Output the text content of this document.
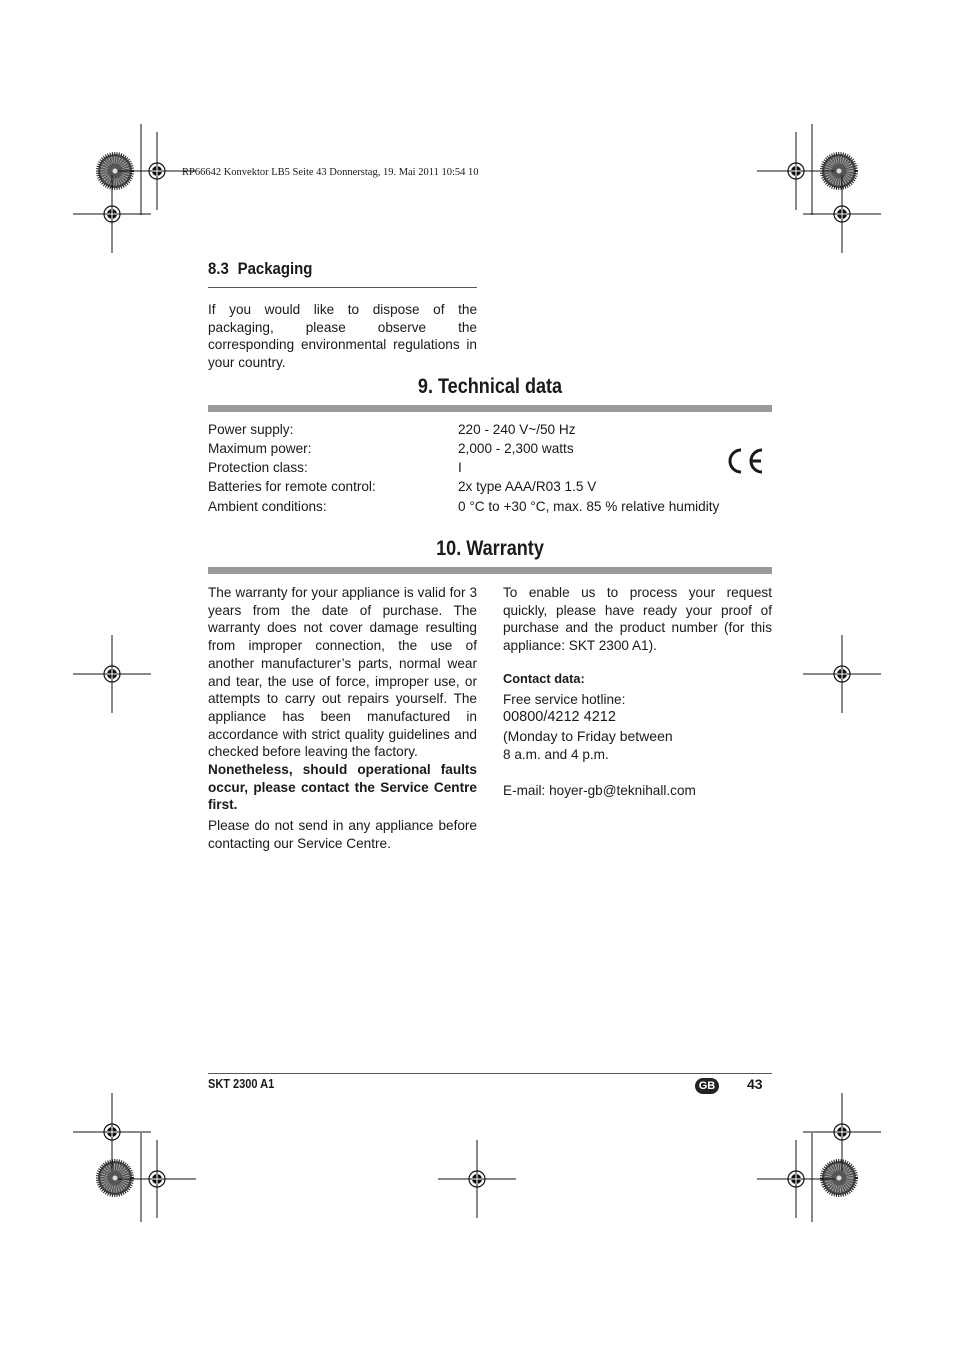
RP66642 Konvektor LB5 Seite 43 Donnerstag, 19. Mai 2011 10:54 10
8.3 Packaging
If you would like to dispose of the packaging, please observe the corresponding environmental regulations in your country.
9. Technical data
Power supply:	220 - 240 V~/50 Hz
Maximum power:	2,000 - 2,300 watts
Protection class:	I
Batteries for remote control:	2x type AAA/R03 1.5 V
Ambient conditions:	0 °C to +30 °C, max. 85 % relative humidity
10. Warranty
The warranty for your appliance is valid for 3 years from the date of purchase. The warranty does not cover damage resulting from improper connection, the use of another manufacturer’s parts, normal wear and tear, the use of force, improper use, or attempts to carry out repairs yourself. The appliance has been manufactured in accordance with strict quality guidelines and checked before leaving the factory.
Nonetheless, should operational faults occur, please contact the Service Centre first.
Please do not send in any appliance before contacting our Service Centre.
To enable us to process your request quickly, please have ready your proof of purchase and the product number (for this appliance: SKT 2300 A1).
Contact data:
Free service hotline:
00800/4212 4212
(Monday to Friday between
8 a.m. and 4 p.m.
E-mail: hoyer-gb@teknihall.com
SKT 2300 A1	GB 43
